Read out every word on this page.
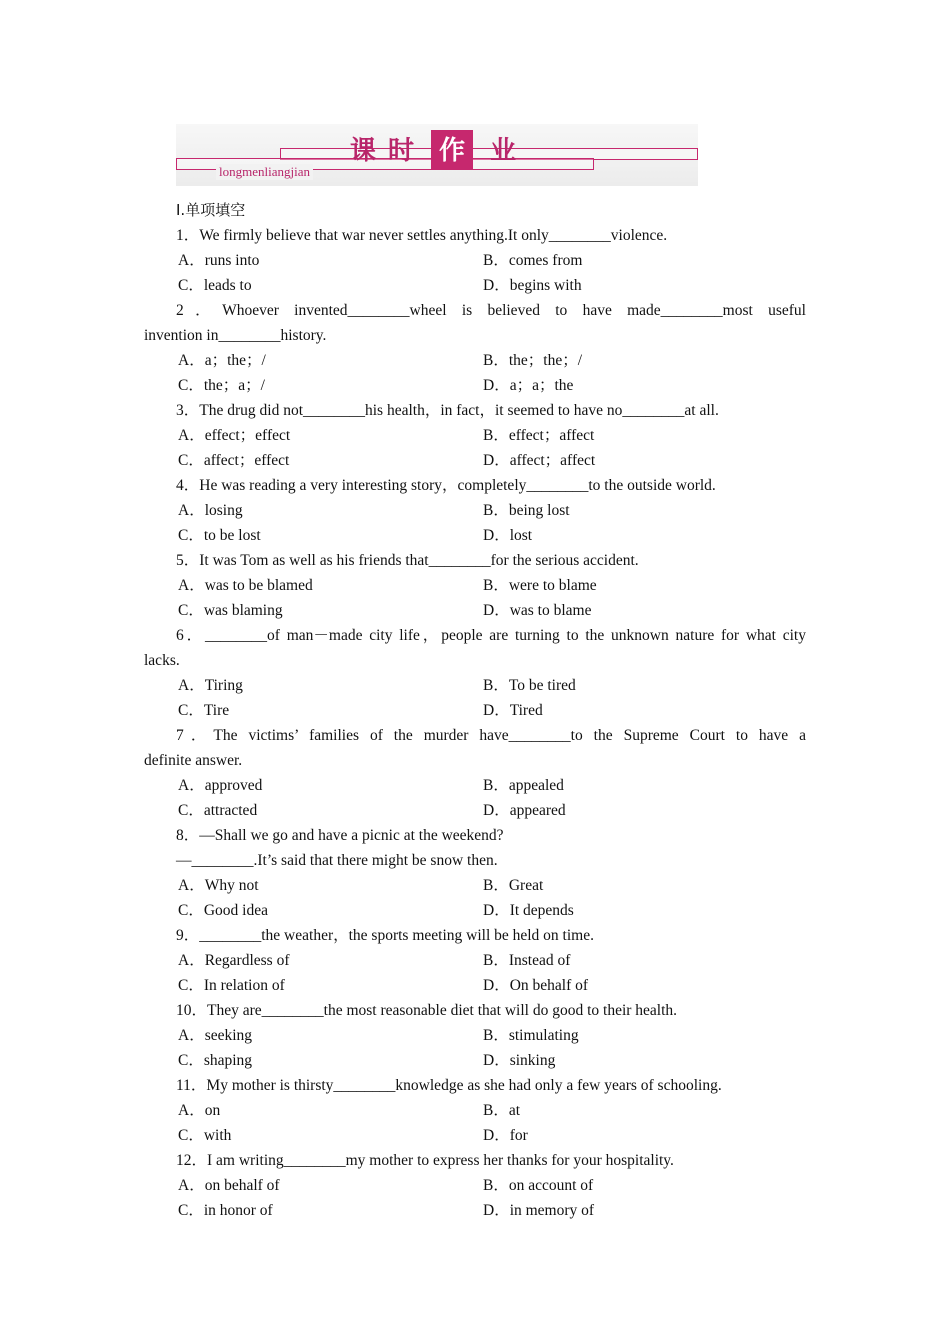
课 时 作 业
longmenliangjian
Ⅰ.单项填空
1．We firmly believe that war never settles anything.It only________violence.
A．runs into	B．comes from
C．leads to	D．begins with
2．Whoever invented________wheel is believed to have made________most useful
invention in________history.
A．a；the；/	B．the；the；/
C．the；a；/	D．a；a；the
3．The drug did not________his health，in fact，it seemed to have no________at all.
A．effect；effect	B．effect；affect
C．affect；effect	D．affect；affect
4．He was reading a very interesting story，completely________to the outside world.
A．losing	B．being lost
C．to be lost	D．lost
5．It was Tom as well as his friends that________for the serious accident.
A．was to be blamed	B．were to blame
C．was blaming	D．was to blame
6．________of man－made city life，people are turning to the unknown nature for what city
lacks.
A．Tiring	B．To be tired
C．Tire	D．Tired
7．The victims’ families of the murder have________to the Supreme Court to have a
definite answer.
A．approved	B．appealed
C．attracted	D．appeared
8．—Shall we go and have a picnic at the weekend?
—________.It’s said that there might be snow then.
A．Why not	B．Great
C．Good idea	D．It depends
9．________the weather，the sports meeting will be held on time.
A．Regardless of	B．Instead of
C．In relation of	D．On behalf of
10．They are________the most reasonable diet that will do good to their health.
A．seeking	B．stimulating
C．shaping	D．sinking
11．My mother is thirsty________knowledge as she had only a few years of schooling.
A．on	B．at
C．with	D．for
12．I am writing________my mother to express her thanks for your hospitality.
A．on behalf of	B．on account of
C．in honor of	D．in memory of
